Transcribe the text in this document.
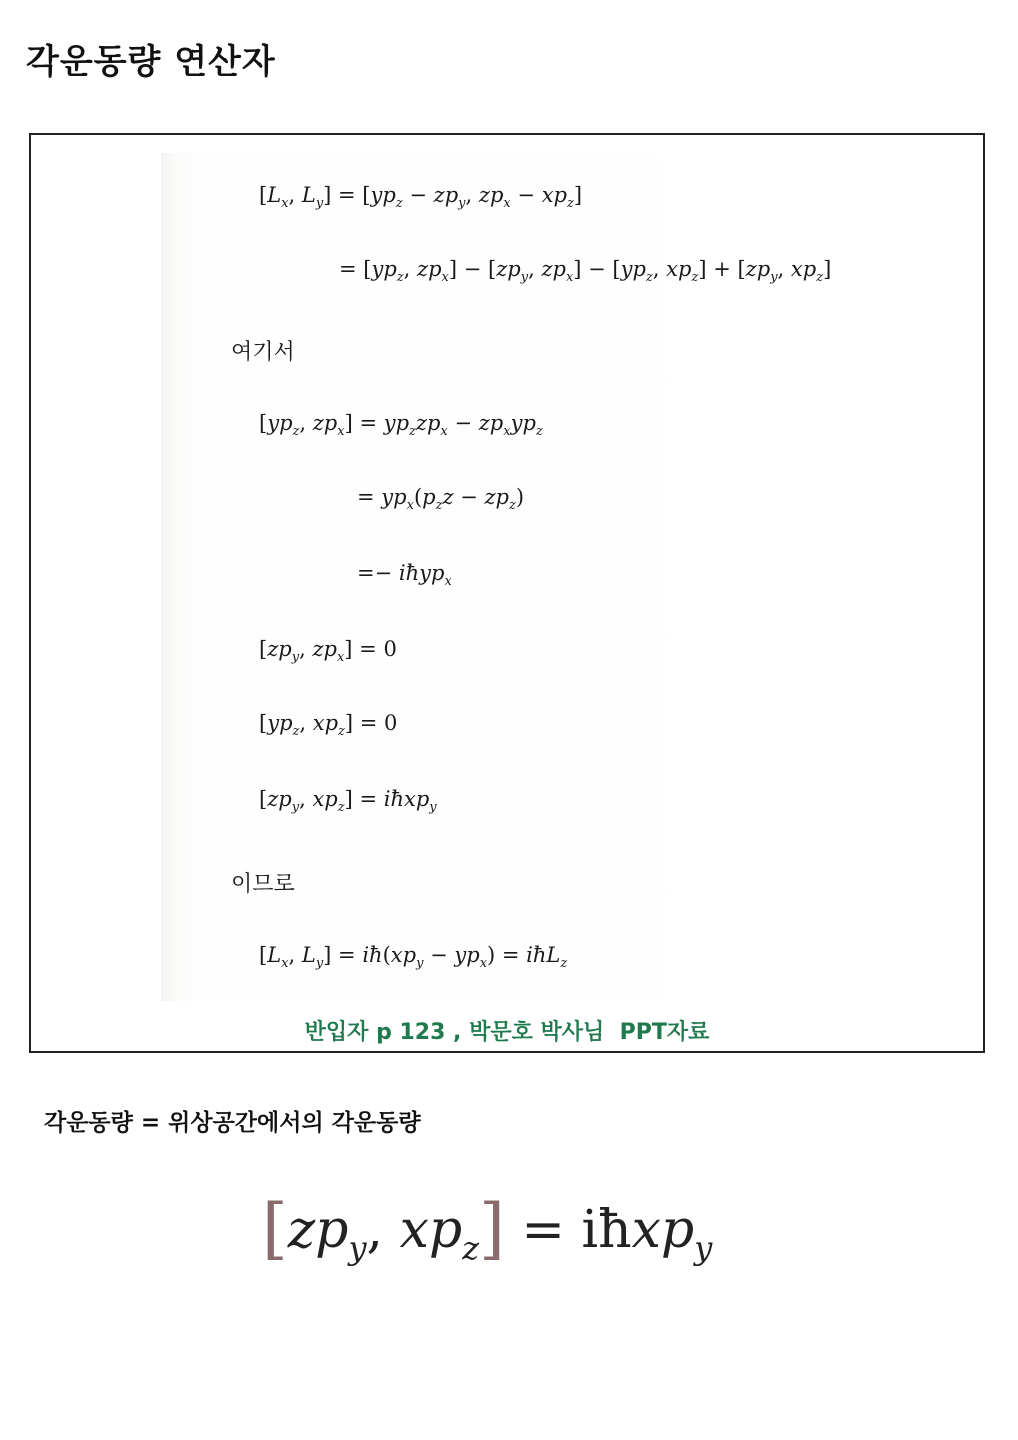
각운동량 연산자
[$L_x$, $L_y] = [yp_z - zp_y$, $zp_x - xp_z$]
= [$yp_z$, $zp_x] - [zp_y$, $zp_x] - [yp_z$, $xp_z] + [zp_y$, $xp_z$]
여기서
[$yp_z$, $zp_x] = yp_zzp_x - zp_xyp_z$
= $yp_x(p_zz - zp_z)$
=− iħyp$_x$
[$zp_y$, $zp_x] = 0$
[$yp_z$, $xp_z] = 0$
[$zp_y$, $xp_z$] = iħxp$_y$
이므로
[$L_x$, $L_y$] = $iħ(xp_y - yp_x)$ = iħL$_z$
반입자 p 123 , 박문호 박사님  PPT자료
각운동량 = 위상공간에서의 각운동량
[$zp_y$, $xp_z$] = iħxp$_y$
